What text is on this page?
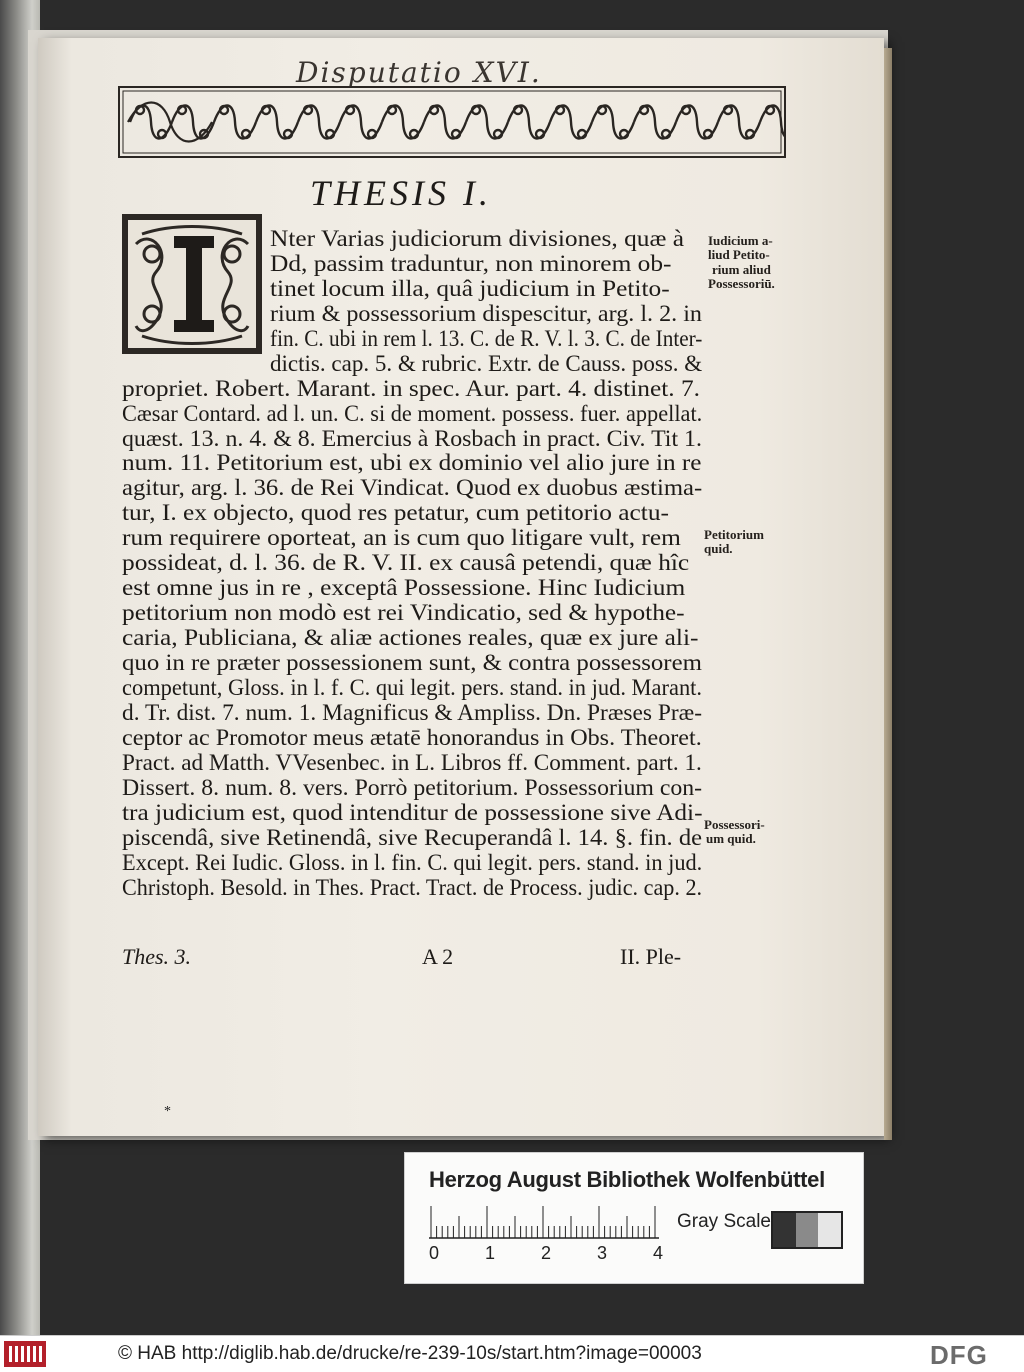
Disputatio XVI.
THESIS I.
Nter Varias judiciorum divisiones, quæ à
Dd, passim traduntur, non minorem ob-
tinet locum illa, quâ judicium in Petito-
rium & possessorium dispescitur, arg. l. 2. in
fin. C. ubi in rem l. 13. C. de R. V. l. 3. C. de Inter-
dictis. cap. 5. & rubric. Extr. de Causs. poss. &
propriet. Robert. Marant. in spec. Aur. part. 4. distinet. 7.
Cæsar Contard. ad l. un. C. si de moment. possess. fuer. appellat.
quæst. 13. n. 4. & 8. Emercius à Rosbach in pract. Civ. Tit 1.
num. 11. Petitorium est, ubi ex dominio vel alio jure in re
agitur, arg. l. 36. de Rei Vindicat. Quod ex duobus æstima-
tur, I. ex objecto, quod res petatur, cum petitorio actu-
rum requirere oporteat, an is cum quo litigare vult, rem
possideat, d. l. 36. de R. V. II. ex causâ petendi, quæ hîc
est omne jus in re , exceptâ Possessione. Hinc Iudicium
petitorium non modò est rei Vindicatio, sed & hypothe-
caria, Publiciana, & aliæ actiones reales, quæ ex jure ali-
quo in re præter possessionem sunt, & contra possessorem
competunt, Gloss. in l. f. C. qui legit. pers. stand. in jud. Marant.
d. Tr. dist. 7. num. 1. Magnificus & Ampliss. Dn. Præses Præ-
ceptor ac Promotor meus ætatē honorandus in Obs. Theoret.
Pract. ad Matth. VVesenbec. in L. Libros ff. Comment. part. 1.
Dissert. 8. num. 8. vers. Porrò petitorium. Possessorium con-
tra judicium est, quod intenditur de possessione sive Adi-
piscendâ, sive Retinendâ, sive Recuperandâ l. 14. §. fin. de
Except. Rei Iudic. Gloss. in l. fin. C. qui legit. pers. stand. in jud.
Christoph. Besold. in Thes. Pract. Tract. de Process. judic. cap. 2.
Iudicium a-
liud Petito-
rium aliud
Possessoriū.
Petitorium
quid.
Possessori-
um quid.
Thes. 3.	A 2	II. Ple-
*
Herzog August Bibliothek Wolfenbüttel
0	1	2	3	4
Gray Scale
© HAB http://diglib.hab.de/drucke/re-239-10s/start.htm?image=00003	DFG
